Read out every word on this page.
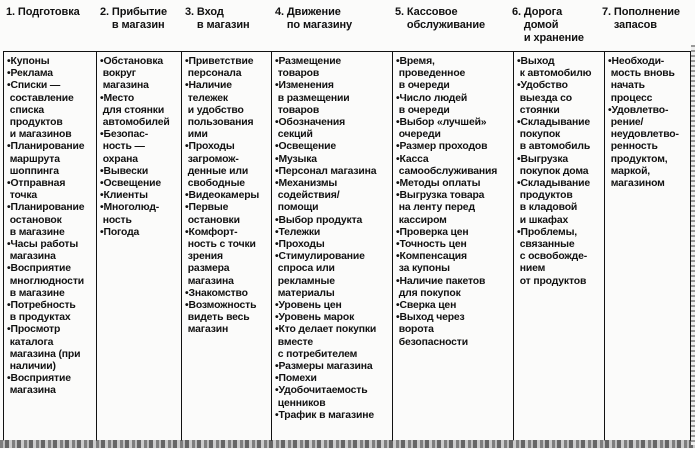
1. Подготовка 2. Прибытие
в магазин
3. Вход
в магазин
4. Движение
по магазину
5. Кассовое
обслуживание
6. Дорога
домой
и хранение
7. Пополнение
запасов
•Купоны
•Реклама
•Списки —
составление
списка
продуктов
и магазинов
•Планирование
маршрута
шоппинга
•Отправная
точка
•Планирование
остановок
в магазине
•Часы работы
магазина
•Восприятие
многлюдности
в магазине
•Потребность
в продуктах
•Просмотр
каталога
магазина (при
наличии)
•Восприятие
магазина
•Обстановка
вокруг
магазина
•Место
для стоянки
автомобилей
•Безопас-
ность —
охрана
•Вывески
•Освещение
•Клиенты
•Многолюд-
ность
•Погода
•Приветствие
персонала
•Наличие
тележек
и удобство
пользования
ими
•Проходы
загромож-
денные или
свободные
•Видеокамеры
•Первые
остановки
•Комфорт-
ность с точки
зрения
размера
магазина
•Знакомство
•Возможность
видеть весь
магазин
•Размещение
товаров
•Изменения
в размещении
товаров
•Обозначения
секций
•Освещение
•Музыка
•Персонал магазина
•Механизмы
содействия/
помощи
•Выбор продукта
•Тележки
•Проходы
•Стимулирование
спроса или
рекламные
материалы
•Уровень цен
•Уровень марок
•Кто делает покупки
вместе
с потребителем
•Размеры магазина
•Помехи
•Удобочитаемость
ценников
•Трафик в магазине
•Время,
проведенное
в очереди
•Число людей
в очереди
•Выбор «лучшей»
очереди
•Размер проходов
•Касса
самообслуживания
•Методы оплаты
•Выгрузка товара
на ленту перед
кассиром
•Проверка цен
•Точность цен
•Компенсация
за купоны
•Наличие пакетов
для покупок
•Сверка цен
•Выход через
ворота
безопасности
•Выход
к автомобилю
•Удобство
выезда со
стоянки
•Складывание
покупок
в автомобиль
•Выгрузка
покупок дома
•Складывание
продуктов
в кладовой
и шкафах
•Проблемы,
связанные
с освобожде-
нием
от продуктов
•Необходи-
мость вновь
начать
процесс
•Удовлетво-
рение/
неудовлетво-
ренность
продуктом,
маркой,
магазином
